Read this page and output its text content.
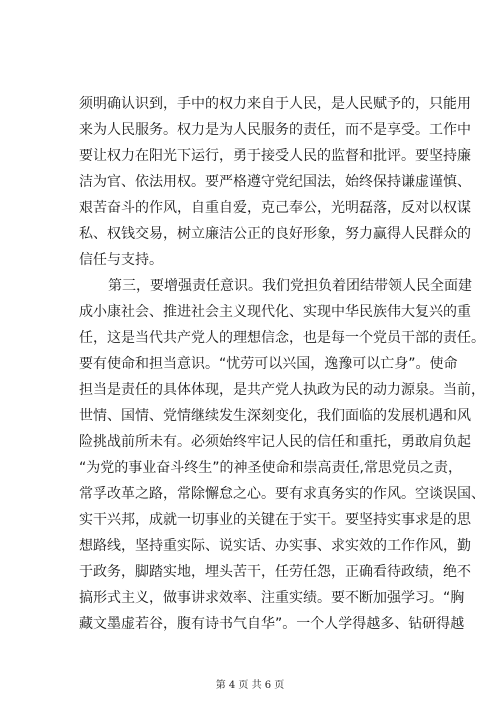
须明确认识到，手中的权力来自于人民，是人民赋予的，只能用
来为人民服务。权力是为人民服务的责任，而不是享受。工作中
要让权力在阳光下运行，勇于接受人民的监督和批评。要坚持廉
洁为官、依法用权。要严格遵守党纪国法，始终保持谦虚谨慎、
艰苦奋斗的作风，自重自爱，克己奉公，光明磊落，反对以权谋
私、权钱交易，树立廉洁公正的良好形象，努力赢得人民群众的
信任与支持。
第三，要增强责任意识。我们党担负着团结带领人民全面建
成小康社会、推进社会主义现代化、实现中华民族伟大复兴的重
任，这是当代共产党人的理想信念，也是每一个党员干部的责任。
要有使命和担当意识。“忧劳可以兴国，逸豫可以亡身”。使命
担当是责任的具体体现，是共产党人执政为民的动力源泉。当前，
世情、国情、党情继续发生深刻变化，我们面临的发展机遇和风
险挑战前所未有。必须始终牢记人民的信任和重托，勇敢肩负起
“为党的事业奋斗终生”的神圣使命和崇高责任,常思党员之责，
常孚改革之路，常除懈怠之心。要有求真务实的作风。空谈误国、
实干兴邦，成就一切事业的关键在于实干。要坚持实事求是的思
想路线，坚持重实际、说实话、办实事、求实效的工作作风，勤
于政务，脚踏实地，埋头苦干，任劳任怨，正确看待政绩，绝不
搞形式主义，做事讲求效率、注重实绩。要不断加强学习。“胸
藏文墨虚若谷，腹有诗书气自华”。一个人学得越多、钻研得越
第 4 页 共 6 页
